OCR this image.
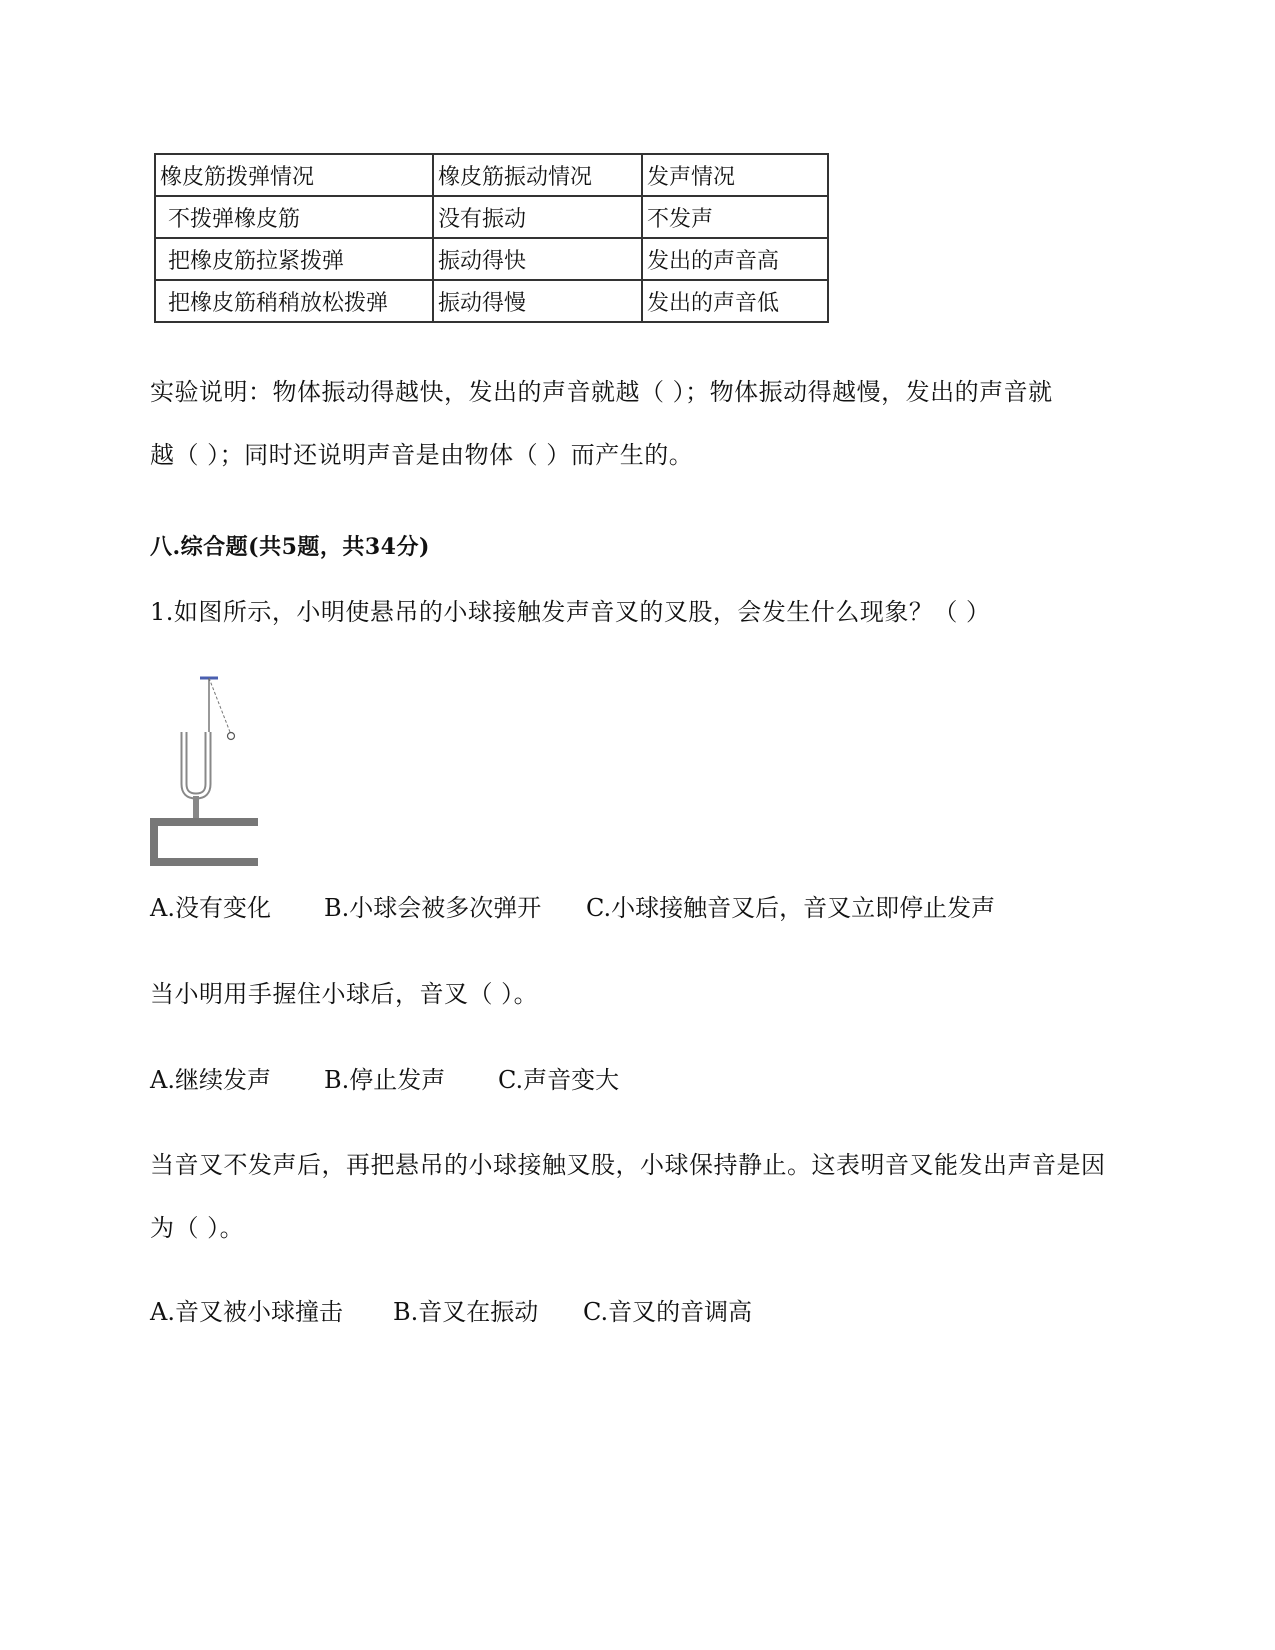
橡皮筋拨弹情况	橡皮筋振动情况	发声情况
不拨弹橡皮筋	没有振动	不发声
把橡皮筋拉紧拨弹	振动得快	发出的声音高
把橡皮筋稍稍放松拨弹	振动得慢	发出的声音低
实验说明：物体振动得越快，发出的声音就越（ ）；物体振动得越慢，发出的声音就
越（ ）；同时还说明声音是由物体（ ）而产生的。
八.综合题(共5题，共34分)
1.如图所示，小明使悬吊的小球接触发声音叉的叉股，会发生什么现象？（ ）
A.没有变化 B.小球会被多次弹开 C.小球接触音叉后，音叉立即停止发声
当小明用手握住小球后，音叉（ ）。
A.继续发声 B.停止发声 C.声音变大
当音叉不发声后，再把悬吊的小球接触叉股，小球保持静止。这表明音叉能发出声音是因
为（ ）。
A.音叉被小球撞击 B.音叉在振动 C.音叉的音调高
